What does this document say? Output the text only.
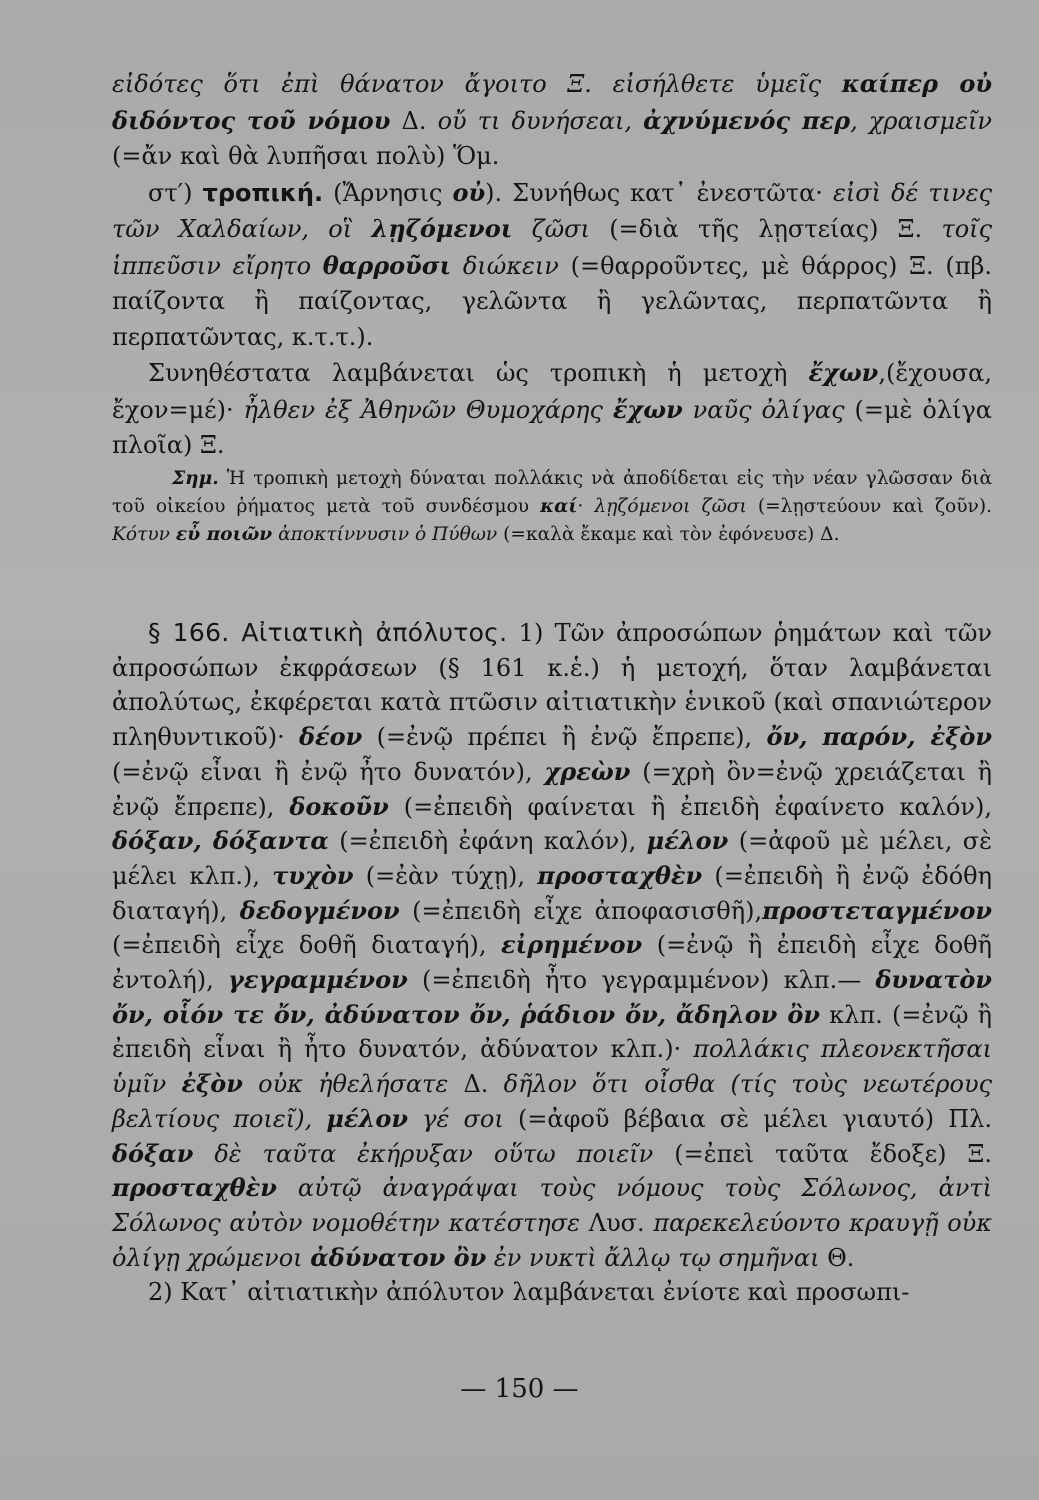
εἰδότες ὅτι ἐπὶ θάνατον ἄγοιτο Ξ. εἰσήλθετε ὑμεῖς καίπερ οὐ διδόντος τοῦ νόμου Δ. οὔ τι δυνήσεαι, ἀχνύμενός περ, χραισμεῖν (=ἄν καὶ θὰ λυπῆσαι πολὺ) Ὅμ.

στ′) τροπική. (Ἄρνησις οὐ). Συνήθως κατ᾿ ἐνεστῶτα· εἰσὶ δέ τινες τῶν Χαλδαίων, οἳ λῃζόμενοι ζῶσι (=διὰ τῆς λῃστείας) Ξ. τοῖς ἱππεῦσιν εἴρητο θαρροῦσι διώκειν (=θαρροῦντες, μὲ θάρρος) Ξ. (πβ. παίζοντα ἢ παίζοντας, γελῶντα ἢ γελῶντας, περπατῶντα ἢ περπατῶντας, κ.τ.τ.).

Συνηθέστατα λαμβάνεται ὡς τροπικὴ ἡ μετοχὴ ἔχων,(ἔχουσα, ἔχον=μέ)· ἦλθεν ἐξ Ἀθηνῶν Θυμοχάρης ἔχων ναῦς ὀλίγας (=μὲ ὀλίγα πλοῖα) Ξ.

Σημ. Ἡ τροπικὴ μετοχὴ δύναται πολλάκις νὰ ἀποδίδεται εἰς τὴν νέαν γλῶσσαν διὰ τοῦ οἰκείου ῥήματος μετὰ τοῦ συνδέσμου καί· λῃζόμενοι ζῶσι (=λῃστεύουν καὶ ζοῦν). Κότυν εὖ ποιῶν ἀποκτίννυσιν ὁ Πύθων (=καλὰ ἔκαμε καὶ τὸν ἐφόνευσε) Δ.

§ 166. Αἰτιατικὴ ἀπόλυτος. 1) Τῶν ἀπροσώπων ῥημάτων καὶ τῶν ἀπροσώπων ἐκφράσεων (§ 161 κ.ἑ.) ἡ μετοχή, ὅταν λαμβάνεται ἀπολύτως, ἐκφέρεται κατὰ πτῶσιν αἰτιατικὴν ἑνικοῦ (καὶ σπανιώτερον πληθυντικοῦ)· δέον (=ἐνῷ πρέπει ἢ ἐνῷ ἔπρεπε), ὄν, παρόν, ἐξὸν (=ἐνῷ εἶναι ἢ ἐνῷ ἦτο δυνατόν), χρεὼν (=χρὴ ὂν=ἐνῷ χρειάζεται ἢ ἐνῷ ἔπρεπε), δοκοῦν (=ἐπειδὴ φαίνεται ἢ ἐπειδὴ ἐφαίνετο καλόν), δόξαν, δόξαντα (=ἐπειδὴ ἐφάνη καλόν), μέλον (=ἀφοῦ μὲ μέλει, σὲ μέλει κλπ.), τυχὸν (=ἐὰν τύχῃ), προσταχθὲν (=ἐπειδὴ ἢ ἐνῷ ἐδόθη διαταγή), δεδογμένον (=ἐπειδὴ εἶχε ἀποφασισθῆ),προστεταγμένον (=ἐπειδὴ εἶχε δοθῆ διαταγή), εἰρημένον (=ἐνῷ ἢ ἐπειδὴ εἶχε δοθῆ ἐντολή), γεγραμμένον (=ἐπειδὴ ἦτο γεγραμμένον) κλπ.— δυνατὸν ὄν, οἷόν τε ὄν, ἀδύνατον ὄν, ῥάδιον ὄν, ἄδηλον ὂν κλπ. (=ἐνῷ ἢ ἐπειδὴ εἶναι ἢ ἦτο δυνατόν, ἀδύνατον κλπ.)· πολλάκις πλεονεκτῆσαι ὑμῖν ἐξὸν οὐκ ἠθελήσατε Δ. δῆλον ὅτι οἶσθα (τίς τοὺς νεωτέρους βελτίους ποιεῖ), μέλον γέ σοι (=ἀφοῦ βέβαια σὲ μέλει γιαυτό) Πλ. δόξαν δὲ ταῦτα ἐκήρυξαν οὕτω ποιεῖν (=ἐπεὶ ταῦτα ἔδοξε) Ξ. προσταχθὲν αὐτῷ ἀναγράψαι τοὺς νόμους τοὺς Σόλωνος, ἀντὶ Σόλωνος αὐτὸν νομοθέτην κατέστησε Λυσ. παρεκελεύοντο κραυγῇ οὐκ ὀλίγῃ χρώμενοι ἀδύνατον ὂν ἐν νυκτὶ ἄλλῳ τῳ σημῆναι Θ.

2) Κατ᾿ αἰτιατικὴν ἀπόλυτον λαμβάνεται ἐνίοτε καὶ προσωπι-

— 150 —
